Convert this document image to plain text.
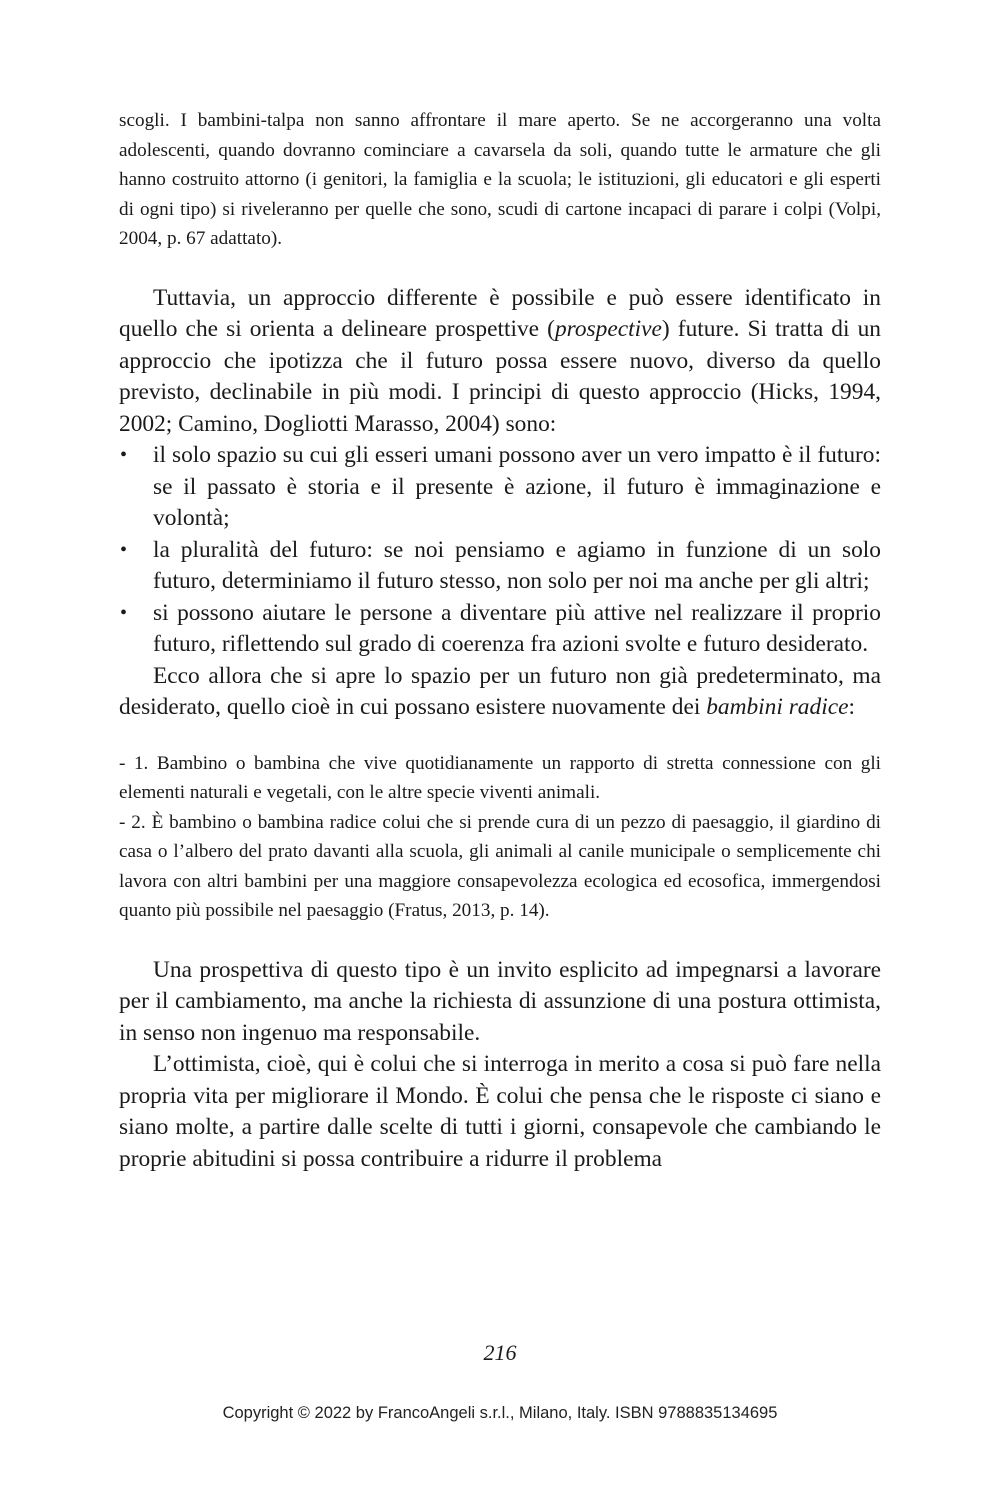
scogli. I bambini-talpa non sanno affrontare il mare aperto. Se ne accorgeranno una volta adolescenti, quando dovranno cominciare a cavarsela da soli, quando tutte le armature che gli hanno costruito attorno (i genitori, la famiglia e la scuola; le istituzioni, gli educatori e gli esperti di ogni tipo) si riveleranno per quelle che sono, scudi di cartone incapaci di parare i colpi (Volpi, 2004, p. 67 adattato).

Tuttavia, un approccio differente è possibile e può essere identificato in quello che si orienta a delineare prospettive (prospective) future. Si tratta di un approccio che ipotizza che il futuro possa essere nuovo, diverso da quello previsto, declinabile in più modi. I principi di questo approccio (Hicks, 1994, 2002; Camino, Dogliotti Marasso, 2004) sono:

• il solo spazio su cui gli esseri umani possono aver un vero impatto è il futuro: se il passato è storia e il presente è azione, il futuro è immaginazione e volontà;
• la pluralità del futuro: se noi pensiamo e agiamo in funzione di un solo futuro, determiniamo il futuro stesso, non solo per noi ma anche per gli altri;
• si possono aiutare le persone a diventare più attive nel realizzare il proprio futuro, riflettendo sul grado di coerenza fra azioni svolte e futuro desiderato.

Ecco allora che si apre lo spazio per un futuro non già predeterminato, ma desiderato, quello cioè in cui possano esistere nuovamente dei bambini radice:

- 1. Bambino o bambina che vive quotidianamente un rapporto di stretta connessione con gli elementi naturali e vegetali, con le altre specie viventi animali.
- 2. È bambino o bambina radice colui che si prende cura di un pezzo di paesaggio, il giardino di casa o l’albero del prato davanti alla scuola, gli animali al canile municipale o semplicemente chi lavora con altri bambini per una maggiore consapevolezza ecologica ed ecosofica, immergendosi quanto più possibile nel paesaggio (Fratus, 2013, p. 14).

Una prospettiva di questo tipo è un invito esplicito ad impegnarsi a lavorare per il cambiamento, ma anche la richiesta di assunzione di una postura ottimista, in senso non ingenuo ma responsabile.

L’ottimista, cioè, qui è colui che si interroga in merito a cosa si può fare nella propria vita per migliorare il Mondo. È colui che pensa che le risposte ci siano e siano molte, a partire dalle scelte di tutti i giorni, consapevole che cambiando le proprie abitudini si possa contribuire a ridurre il problema

216

Copyright © 2022 by FrancoAngeli s.r.l., Milano, Italy. ISBN 9788835134695
